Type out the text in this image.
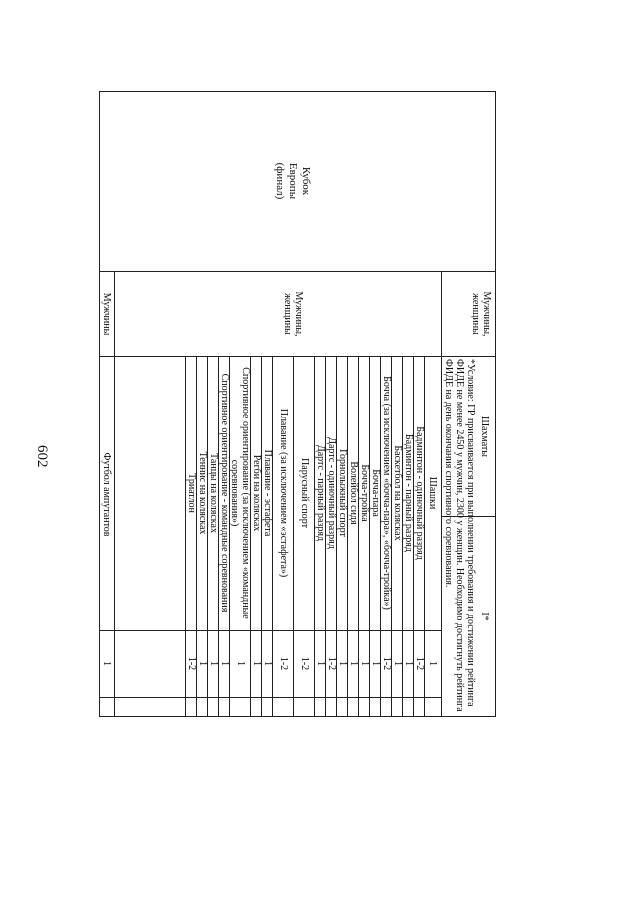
602
Мужчины, женщины
Шахматы
I*
*Условие: ГР присваивается при выполнении требования и достижении рейтинга ФИДЕ не менее 2450 у мужчин, 2300 у женщин. Необходимо достигнуть рейтинга ФИДЕ на день окончания спортивного соревнования.
Кубок Европы (финал)
Мужчины, женщины
Мужчины
Футбол ампутантов
1
Шашки
1
Бадминтон - одиночный разряд
1-2
Бадминтон - парный разряд
1
Баскетбол на колясках
1
Бочча (за исключением «бочча-пара», «бочча-тройка»)
1-2
Бочча-пара
1
Бочча-тройка
1
Волейбол сидя
1
Горнолыжный спорт
1
Дартс - одиночный разряд
1-2
Дартс - парный разряд
1
Парусный спорт
1-2
Плавание (за исключением «эстафета»)
1-2
Плавание - эстафета
1
Регби на колясках
1
Спортивное ориентирование (за исключением «командные соревнования»)
1
Спортивное ориентирование - командные соревнования
1
Танцы на колясках
1
Теннис на колясках
1
Триатлон
1-2
